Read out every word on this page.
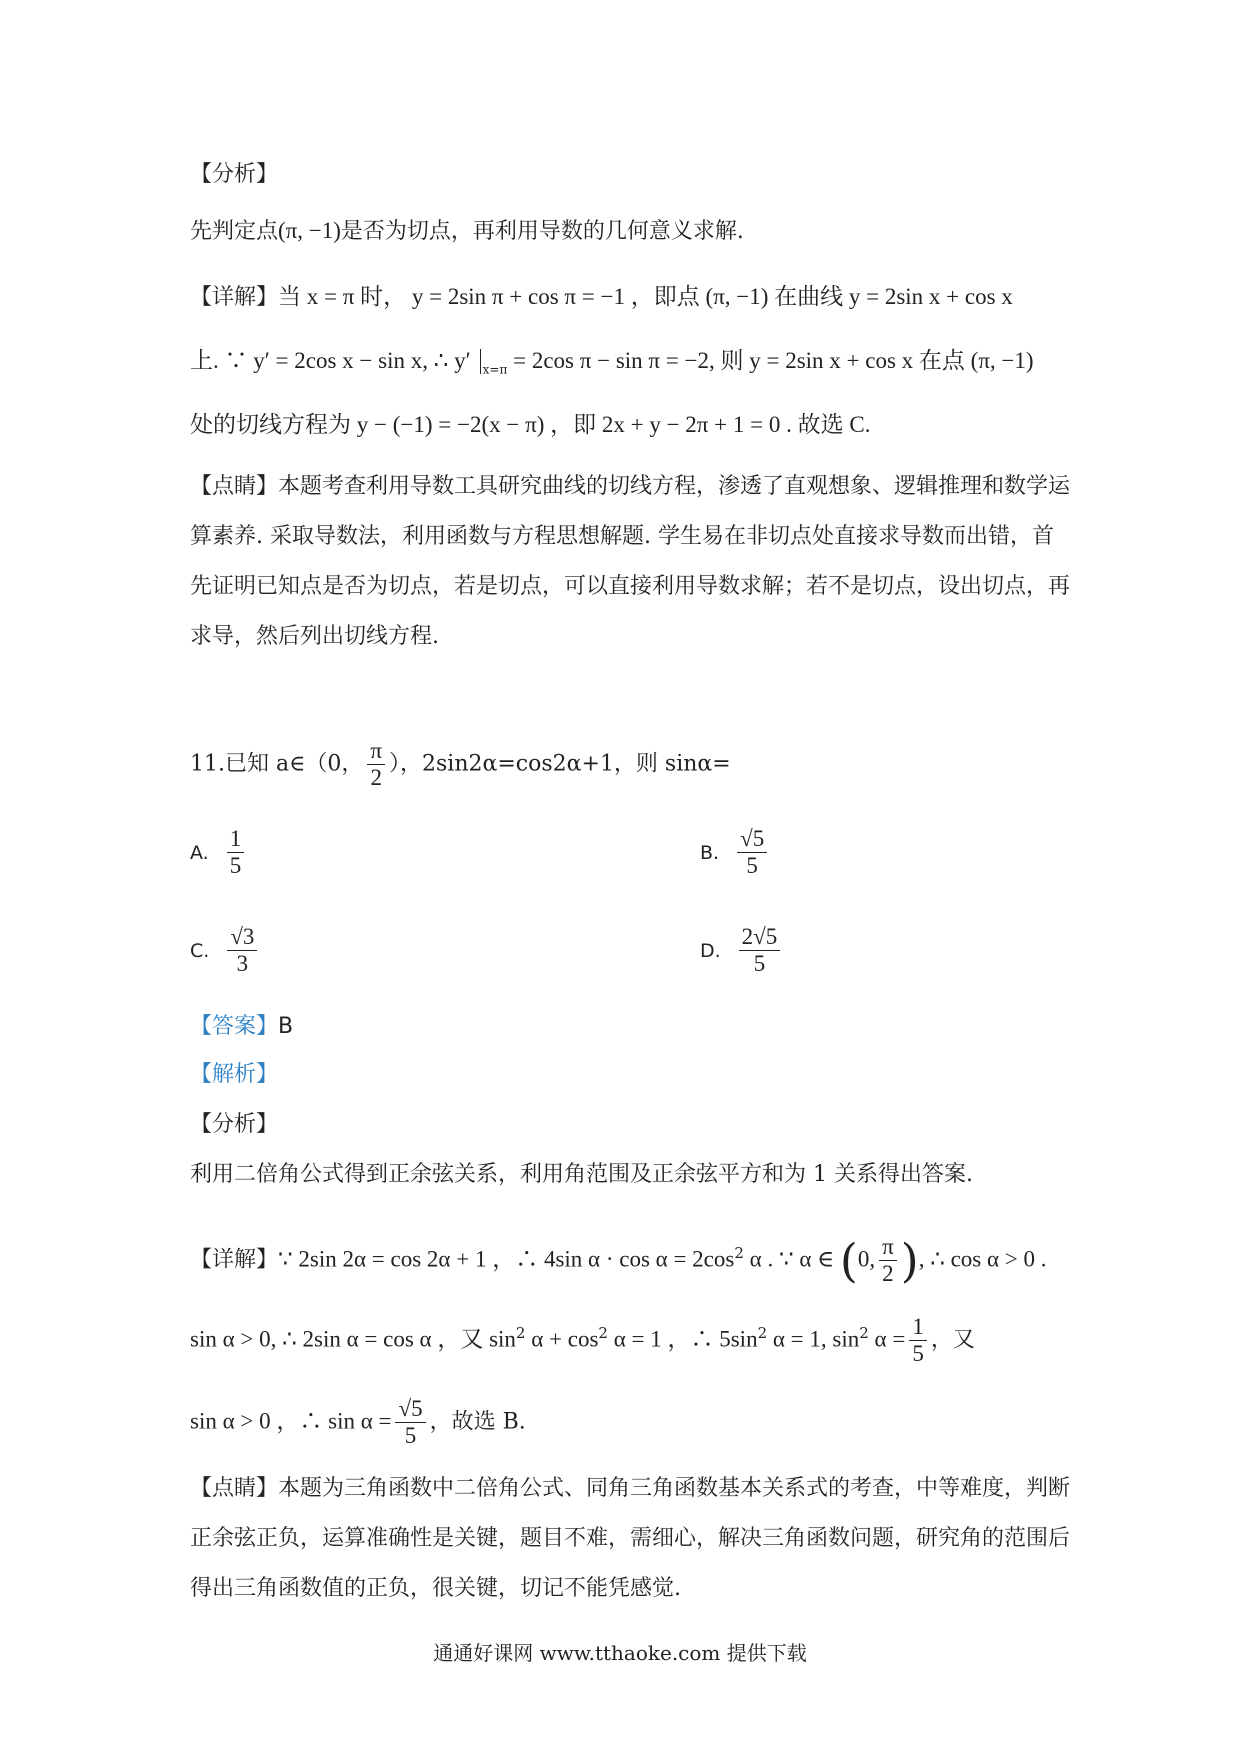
【分析】
先判定点(π, −1)是否为切点，再利用导数的几何意义求解.
【详解】当 x = π 时， y = 2sin π + cos π = −1 ，即点 (π, −1) 在曲线 y = 2sin x + cos x
上. ∵ y′ = 2cos x − sin x, ∴ y′ $_{x=\pi}$ = 2cos π − sin π = −2, 则 y = 2sin x + cos x 在点 (π, −1)
处的切线方程为 y − (−1) = −2(x − π) ，即 2x + y − 2π + 1 = 0 . 故选 C.
【点睛】本题考查利用导数工具研究曲线的切线方程，渗透了直观想象、逻辑推理和数学运
算素养. 采取导数法，利用函数与方程思想解题. 学生易在非切点处直接求导数而出错，首
先证明已知点是否为切点，若是切点，可以直接利用导数求解；若不是切点，设出切点，再
求导，然后列出切线方程.
11.已知 a∈（0， $\frac{\pi}{2}$ ），2sin2α=cos2α+1，则 sinα=
A. $\frac{1}{5}$	B. $\frac{√5}{5}$
C. $\frac{√3}{3}$	D. $\frac{2√5}{5}$
【答案】B
【解析】
【分析】
利用二倍角公式得到正余弦关系，利用角范围及正余弦平方和为 1 关系得出答案.
【详解】∵ 2sin 2α = cos 2α + 1 ，∴ 4sin $\alpha \cdot \cos \alpha = 2\cos^2$ α . ∵ α ∈ (0, $\frac{\pi}{2}$ ), ∴ cos α > 0 .
sin α > 0, ∴ 2sin α = cos α ，又 $\sin^2 \alpha + \cos^2 \alpha = 1$ ，∴ $5\sin^2$ α = 1, $\sin^2 \alpha = \frac{1}{5}$ ，又
sin α > 0 ，∴ $\sin \alpha = \frac{√5}{5}$ ，故选 B.
【点睛】本题为三角函数中二倍角公式、同角三角函数基本关系式的考查，中等难度，判断
正余弦正负，运算准确性是关键，题目不难，需细心，解决三角函数问题，研究角的范围后
得出三角函数值的正负，很关键，切记不能凭感觉.
通通好课网 www.tthaoke.com 提供下载
